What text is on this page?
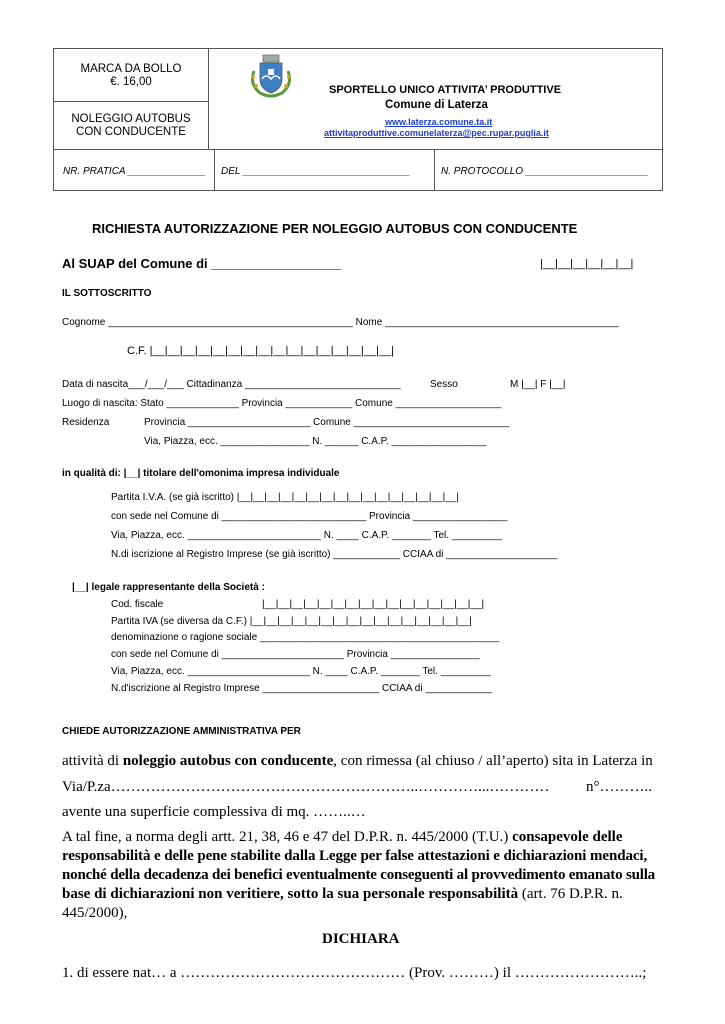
MARCA DA BOLLO
€. 16,00
NOLEGGIO AUTOBUS
CON CONDUCENTE
SPORTELLO UNICO ATTIVITA’ PRODUTTIVE
Comune di Laterza
www.laterza.comune.ta.it
attivitaproduttive.comunelaterza@pec.rupar.puglia.it
NR. PRATICA ______________ DEL ______________________________	N. PROTOCOLLO ______________________
RICHIESTA AUTORIZZAZIONE PER NOLEGGIO AUTOBUS CON CONDUCENTE
Al SUAP del Comune di __________________	|__|__|__|__|__|__|
IL SOTTOSCRITTO
Cognome ____________________________________________ Nome __________________________________________
C.F. |__|__|__|__|__|__|__|__|__|__|__|__|__|__|__|__|
Data di nascita___/___/___ Cittadinanza ____________________________	Sesso	M |__| F |__|
Luogo di nascita: Stato _____________ Provincia ____________ Comune ___________________
Residenza	Provincia ______________________ Comune ____________________________
Via, Piazza, ecc. ________________ N. ______ C.A.P. _________________
in qualità di: |__| titolare dell'omonima impresa individuale
Partita I.V.A. (se già iscritto) |__|__|__|__|__|__|__|__|__|__|__|__|__|__|__|__|
con sede nel Comune di __________________________ Provincia _________________
Via, Piazza, ecc. ________________________ N. ____ C.A.P. _______ Tel. _________
N.di iscrizione al Registro Imprese (se già iscritto) ____________ CCIAA di ____________________
|__| legale rappresentante della Società :
Cod. fiscale	|__|__|__|__|__|__|__|__|__|__|__|__|__|__|__|__|
Partita IVA (se diversa da C.F.) |__|__|__|__|__|__|__|__|__|__|__|__|__|__|__|__|
denominazione o ragione sociale ___________________________________________
con sede nel Comune di ______________________ Provincia ________________
Via, Piazza, ecc. ______________________ N. ____ C.A.P. _______ Tel. _________
N.d'iscrizione al Registro Imprese _____________________ CCIAA di ____________
CHIEDE AUTORIZZAZIONE AMMINISTRATIVA PER
attività di noleggio autobus con conducente, con rimessa (al chiuso / all’aperto) sita in Laterza in
Via/P.za……………………………………………………..…………...………… n°………..
avente una superficie complessiva di mq. ……..…
A tal fine, a norma degli artt. 21, 38, 46 e 47 del D.P.R. n. 445/2000 (T.U.) consapevole delle
responsabilità e delle pene stabilite dalla Legge per false attestazioni e dichiarazioni mendaci,
nonché della decadenza dei benefici eventualmente conseguenti al provvedimento emanato sulla
base di dichiarazioni non veritiere, sotto la sua personale responsabilità (art. 76 D.P.R. n.
445/2000),
DICHIARA
1. di essere nat… a ……………………………………… (Prov. ………) il ……………………..;
